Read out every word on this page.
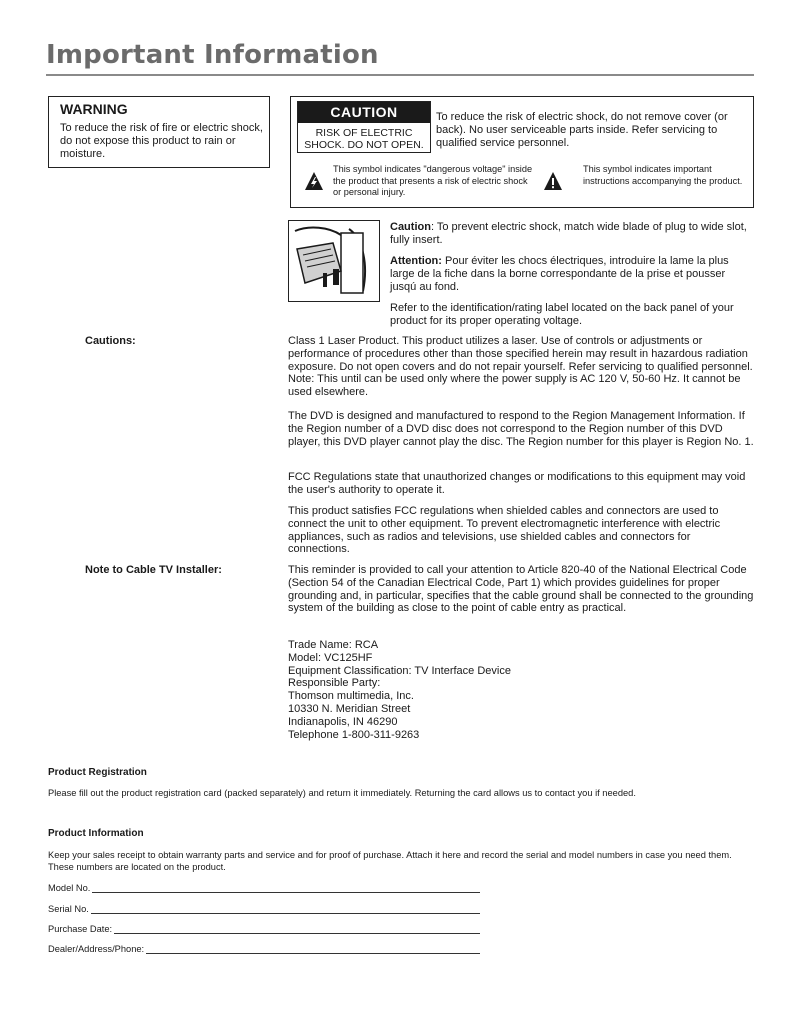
Important Information
WARNING
To reduce the risk of fire or electric shock, do not expose this product to rain or moisture.
CAUTION
RISK OF ELECTRIC SHOCK. DO NOT OPEN.
To reduce the risk of electric shock, do not remove cover (or back). No user serviceable parts inside. Refer servicing to qualified service personnel.
This symbol indicates "dangerous voltage" inside the product that presents a risk of electric shock or personal injury.
This symbol indicates important instructions accompanying the product.
Caution: To prevent electric shock, match wide blade of plug to wide slot, fully insert.
Attention: Pour éviter les chocs électriques, introduire la lame la plus large de la fiche dans la borne correspondante de la prise et pousser jusqú au fond.
Refer to the identification/rating label located on the back panel of your product for its proper operating voltage.
Cautions:	Class 1 Laser Product. This product utilizes a laser. Use of controls or adjustments or performance of procedures other than those specified herein may result in hazardous radiation exposure. Do not open covers and do not repair yourself. Refer servicing to qualified personnel. Note: This until can be used only where the power supply is AC 120 V, 50-60 Hz. It cannot be used elsewhere.
The DVD is designed and manufactured to respond to the Region Management Information. If the Region number of a DVD disc does not correspond to the Region number of this DVD player, this DVD player cannot play the disc. The Region number for this player is Region No. 1.
FCC Regulations state that unauthorized changes or modifications to this equipment may void the user's authority to operate it.
This product satisfies FCC regulations when shielded cables and connectors are used to connect the unit to other equipment. To prevent electromagnetic interference with electric appliances, such as radios and televisions, use shielded cables and connectors for connections.
Note to Cable TV Installer:	This reminder is provided to call your attention to Article 820-40 of the National Electrical Code (Section 54 of the Canadian Electrical Code, Part 1) which provides guidelines for proper grounding and, in particular, specifies that the cable ground shall be connected to the grounding system of the building as close to the point of cable entry as practical.
Trade Name: RCA
Model: VC125HF
Equipment Classification: TV Interface Device
Responsible Party:
Thomson multimedia, Inc.
10330 N. Meridian Street
Indianapolis, IN 46290
Telephone 1-800-311-9263
Product Registration
Please fill out the product registration card (packed separately) and return it immediately. Returning the card allows us to contact you if needed.
Product Information
Keep your sales receipt to obtain warranty parts and service and for proof of purchase. Attach it here and record the serial and model numbers in case you need them. These numbers are located on the product.
Model No.
Serial No.
Purchase Date:
Dealer/Address/Phone:
